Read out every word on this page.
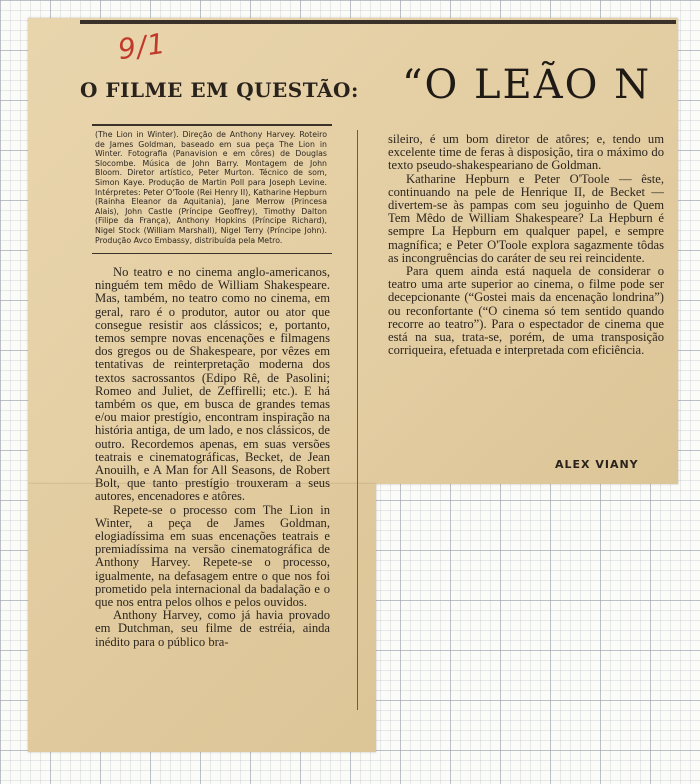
9/1
O FILME EM QUESTÃO: “O LEÃO N
(The Lion in Winter). Direção de Anthony Harvey. Roteiro de James Goldman, baseado em sua peça The Lion in Winter. Fotografia (Panavision e em côres) de Douglas Slocombe. Música de John Barry. Montagem de John Bloom. Diretor artístico, Peter Murton. Técnico de som, Simon Kaye. Produção de Martin Poll para Joseph Levine. Intérpretes: Peter O'Toole (Rei Henry II), Katharine Hepburn (Rainha Eleanor da Aquitania), Jane Merrow (Princesa Alais), John Castle (Príncipe Geoffrey), Timothy Dalton (Filipe da França), Anthony Hopkins (Príncipe Richard), Nigel Stock (William Marshall), Nigel Terry (Príncipe John). Produção Avco Embassy, distribuída pela Metro.

No teatro e no cinema anglo-americanos, ninguém tem mêdo de William Shakespeare. Mas, também, no teatro como no cinema, em geral, raro é o produtor, autor ou ator que consegue resistir aos clássicos; e, portanto, temos sempre novas encenações e filmagens dos gregos ou de Shakespeare, por vêzes em tentativas de reinterpretação moderna dos textos sacrossantos (Edipo Rê, de Pasolini; Romeo and Juliet, de Zeffirelli; etc.). E há também os que, em busca de grandes temas e/ou maior prestígio, encontram inspiração na história antiga, de um lado, e nos clássicos, de outro. Recordemos apenas, em suas versões teatrais e cinematográficas, Becket, de Jean Anouilh, e A Man for All Seasons, de Robert Bolt, que tanto prestígio trouxeram a seus autores, encenadores e atôres.

Repete-se o processo com The Lion in Winter, a peça de James Goldman, elogiadíssima em suas encenações teatrais e premiadíssima na versão cinematográfica de Anthony Harvey. Repete-se o processo, igualmente, na defasagem entre o que nos foi prometido pela internacional da badalação e o que nos entra pelos olhos e pelos ouvidos.

Anthony Harvey, como já havia provado em Dutchman, seu filme de estréia, ainda inédito para o público bra-

sileiro, é um bom diretor de atôres; e, tendo um excelente time de feras à disposição, tira o máximo do texto pseudo-shakespeariano de Goldman.

Katharine Hepburn e Peter O'Toole — êste, continuando na pele de Henrique II, de Becket — divertem-se às pampas com seu joguinho de Quem Tem Mêdo de William Shakespeare? La Hepburn é sempre La Hepburn em qualquer papel, e sempre magnífica; e Peter O'Toole explora sagazmente tôdas as incongruências do caráter de seu rei reincidente.

Para quem ainda está naquela de considerar o teatro uma arte superior ao cinema, o filme pode ser decepcionante (“Gostei mais da encenação londrina”) ou reconfortante (“O cinema só tem sentido quando recorre ao teatro”). Para o espectador de cinema que está na sua, trata-se, porém, de uma transposição corriqueira, efetuada e interpretada com eficiência.

ALEX VIANY
